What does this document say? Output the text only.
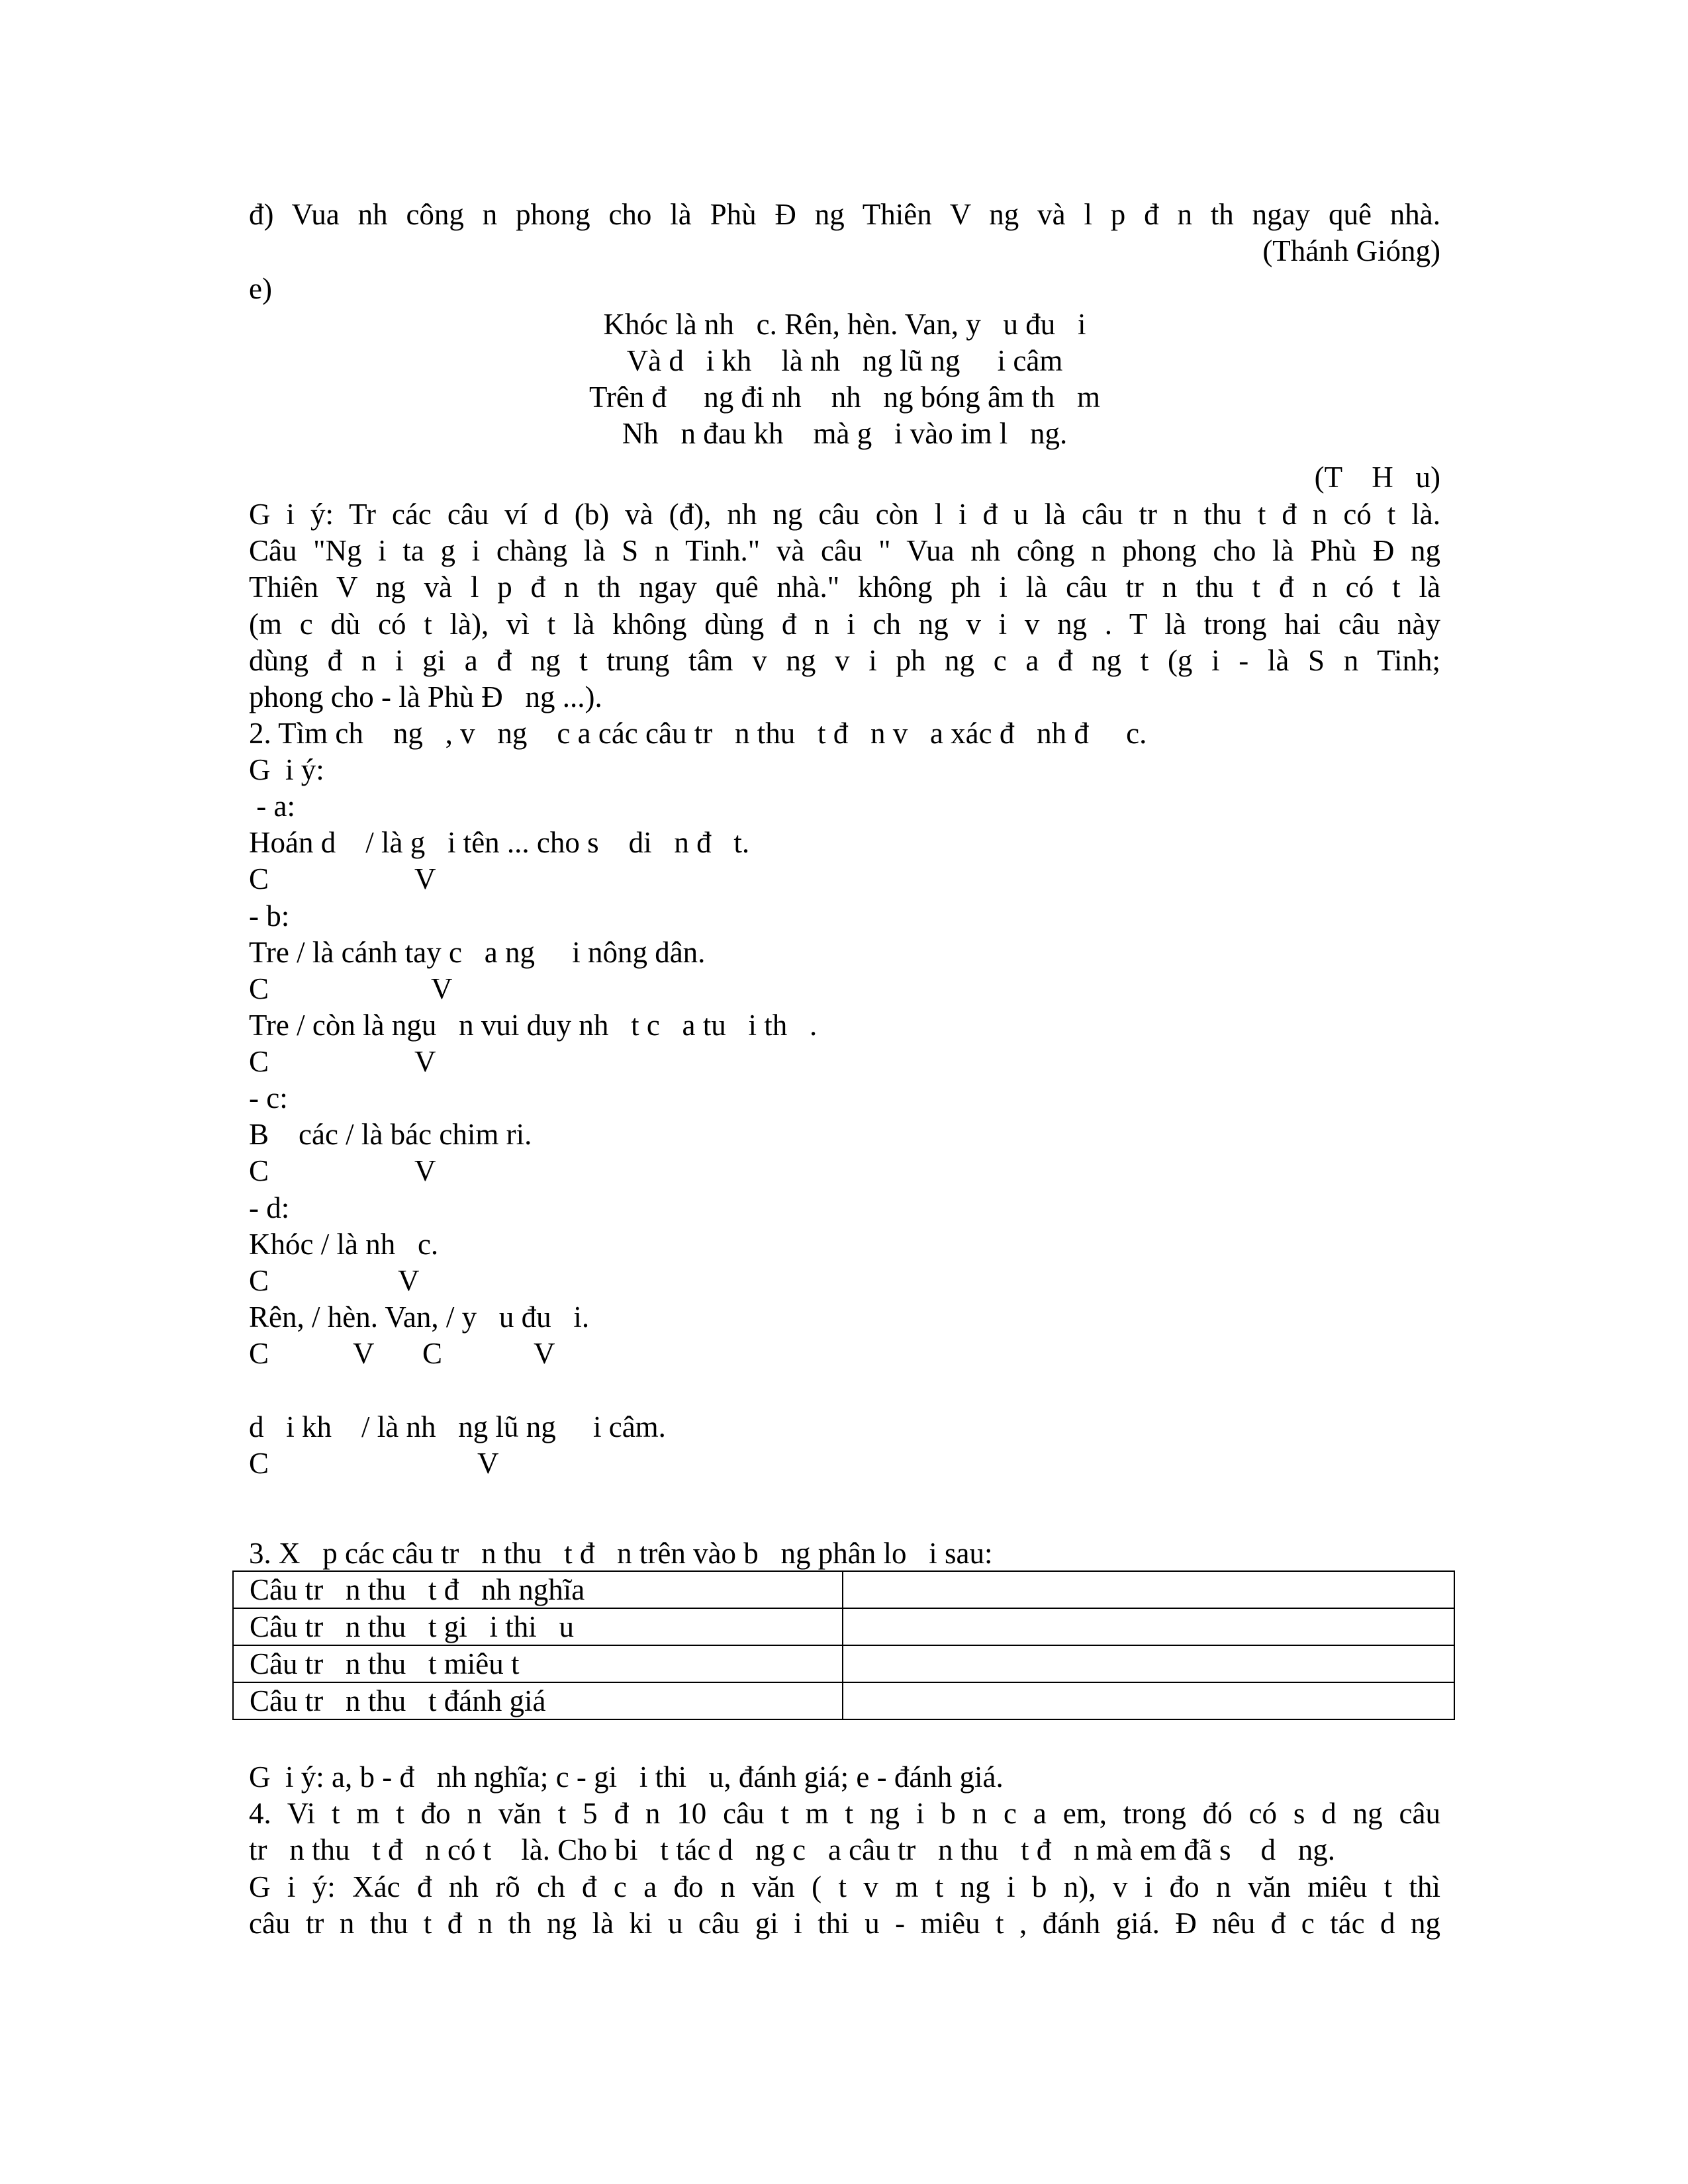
đ) Vua nh công n phong cho là Phù Đ ng Thiên V ng và l p đ n th ngay quê nhà.
(Thánh Gióng)
e)
Khóc là nh   c. Rên, hèn. Van, y   u đu   i
Và d   i kh    là nh   ng lũ ng     i câm
Trên đ     ng đi nh    nh   ng bóng âm th   m
Nh   n đau kh    mà g   i vào im l   ng.
(T    H   u)
G i ý: Tr các câu ví d (b) và (đ), nh ng câu còn l i đ u là câu tr n thu t đ n có t là.
Câu "Ng i ta g i chàng là S n Tinh." và câu " Vua nh công n phong cho là Phù Đ ng
Thiên V ng và l p đ n th ngay quê nhà." không ph i là câu tr n thu t đ n có t là
(m c dù có t là), vì t là không dùng đ n i ch ng v i v ng . T là trong hai câu này
dùng đ n i gi a đ ng t trung tâm v ng v i ph ng c a đ ng t (g i - là S n Tinh;
phong cho - là Phù Đ   ng ...).
2. Tìm ch    ng   , v   ng    c a các câu tr   n thu   t đ   n v   a xác đ   nh đ     c.
G  i ý:
- a:
Hoán d    / là g   i tên ... cho s    di   n đ   t.
C	V
- b:
Tre / là cánh tay c   a ng     i nông dân.
C	V
Tre / còn là ngu   n vui duy nh   t c   a tu   i th   .
C	V
- c:
B    các / là bác chim ri.
C	V
- d:
Khóc / là nh   c.
C	V
Rên, / hèn. Van, / y   u đu   i.
C	V C	V
d   i kh    / là nh   ng lũ ng     i câm.
C	V
3. X   p các câu tr   n thu   t đ   n trên vào b   ng phân lo   i sau:
Câu tr   n thu   t đ   nh nghĩa	
Câu tr   n thu   t gi   i thi   u	
Câu tr   n thu   t miêu t	
Câu tr   n thu   t đánh giá	
G  i ý: a, b - đ   nh nghĩa; c - gi   i thi   u, đánh giá; e - đánh giá.
4. Vi t m t đo n văn t 5 đ n 10 câu t m t ng i b n c a em, trong đó có s d ng câu
tr   n thu   t đ   n có t    là. Cho bi   t tác d   ng c   a câu tr   n thu   t đ   n mà em đã s    d   ng.
G i ý: Xác đ nh rõ ch đ c a đo n văn ( t v m t ng i b n), v i đo n văn miêu t thì
câu tr n thu t đ n th ng là ki u câu gi i thi u - miêu t , đánh giá. Đ nêu đ c tác d ng
